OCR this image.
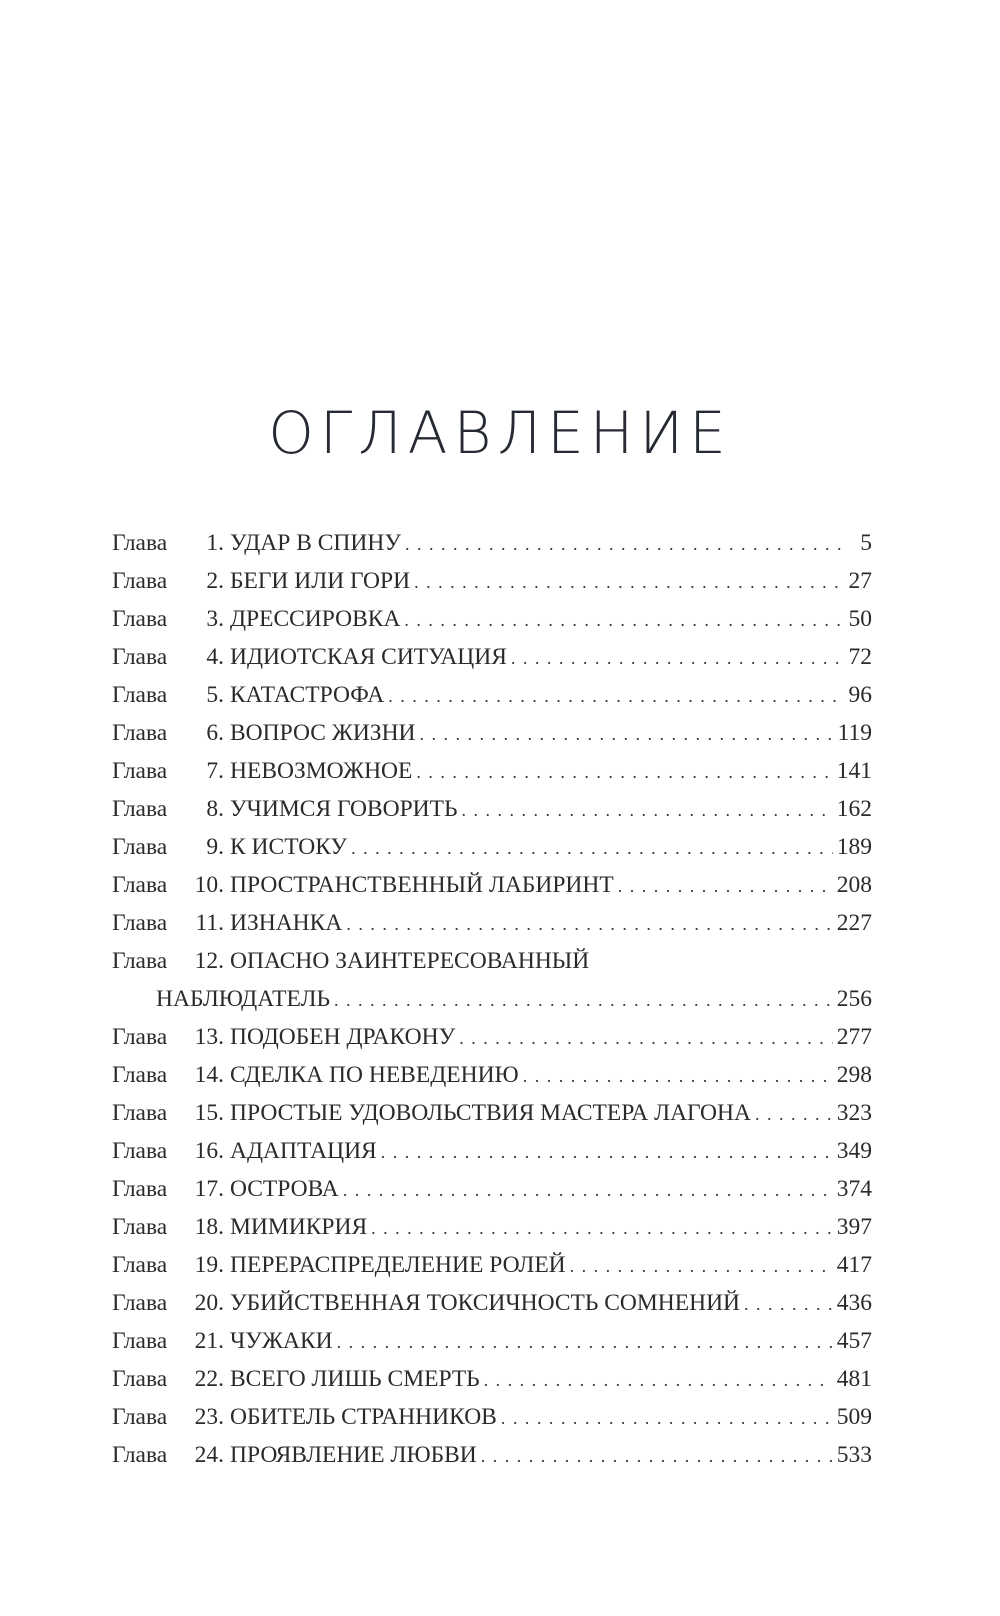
ОГЛАВЛЕНИЕ
Глава	1. УДАР В СПИНУ . . .	5
Глава	2. БЕГИ ИЛИ ГОРИ . . .	27
Глава	3. ДРЕССИРОВКА . . .	50
Глава	4. ИДИОТСКАЯ СИТУАЦИЯ . . .	72
Глава	5. КАТАСТРОФА . . .	96
Глава	6. ВОПРОС ЖИЗНИ . . .	119
Глава	7. НЕВОЗМОЖНОЕ . . .	141
Глава	8. УЧИМСЯ ГОВОРИТЬ . . .	162
Глава	9. К ИСТОКУ . . .	189
Глава 10. ПРОСТРАНСТВЕННЫЙ ЛАБИРИНТ . . .	208
Глава 11. ИЗНАНКА . . .	227
Глава 12. ОПАСНО ЗАИНТЕРЕСОВАННЫЙ
НАБЛЮДАТЕЛЬ . . .	256
Глава 13. ПОДОБЕН ДРАКОНУ . . .	277
Глава 14. СДЕЛКА ПО НЕВЕДЕНИЮ . . .	298
Глава 15. ПРОСТЫЕ УДОВОЛЬСТВИЯ МАСТЕРА ЛАГОНА . . .	323
Глава 16. АДАПТАЦИЯ . . .	349
Глава 17. ОСТРОВА . . .	374
Глава 18. МИМИКРИЯ . . .	397
Глава 19. ПЕРЕРАСПРЕДЕЛЕНИЕ РОЛЕЙ . . .	417
Глава 20. УБИЙСТВЕННАЯ ТОКСИЧНОСТЬ СОМНЕНИЙ . . .	436
Глава 21. ЧУЖАКИ . . .	457
Глава 22. ВСЕГО ЛИШЬ СМЕРТЬ . . .	481
Глава 23. ОБИТЕЛЬ СТРАННИКОВ . . .	509
Глава 24. ПРОЯВЛЕНИЕ ЛЮБВИ . . .	533
